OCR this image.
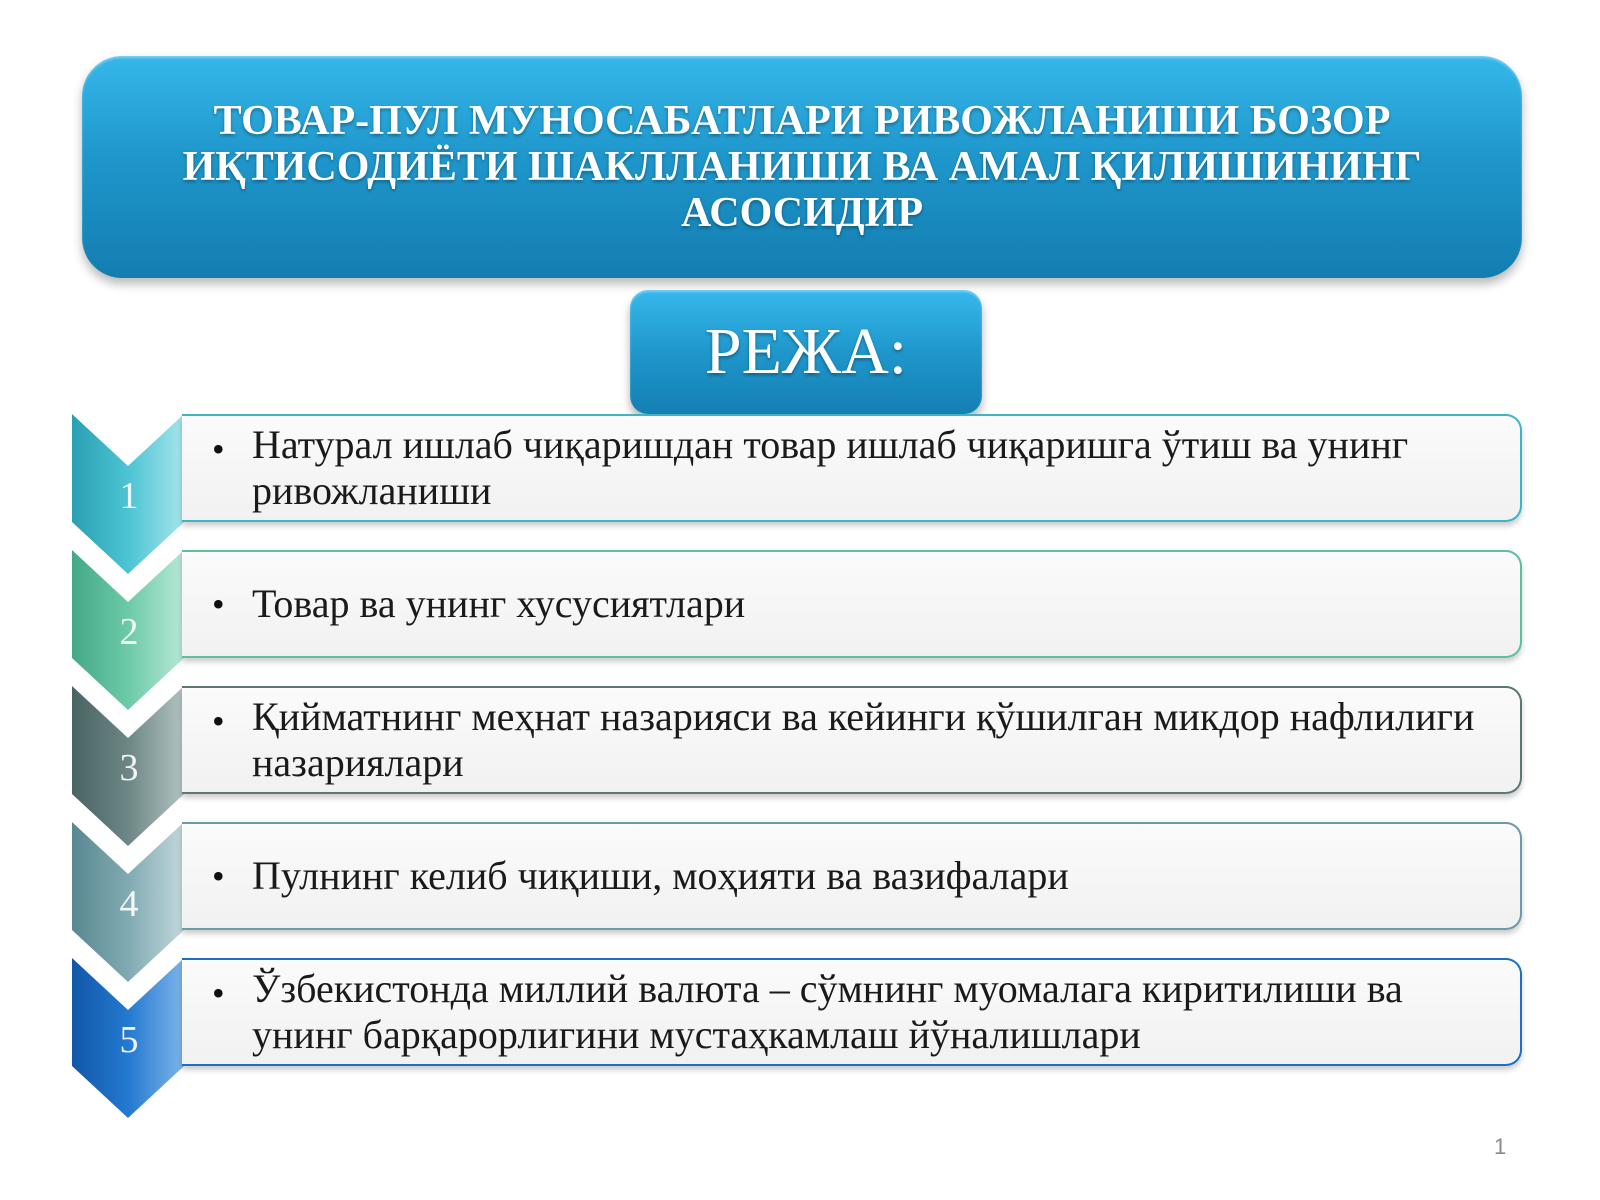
ТОВАР-ПУЛ МУНОСАБАТЛАРИ РИВОЖЛАНИШИ БОЗОР ИҚТИСОДИЁТИ ШАКЛЛАНИШИ ВА АМАЛ ҚИЛИШИНИНГ АСОСИДИР

РЕЖА:
1
• Натурал ишлаб чиқаришдан товар ишлаб чиқаришга ўтиш ва унинг ривожланиши

2
• Товар ва унинг хусусиятлари

3
• Қийматнинг меҳнат назарияси ва кейинги қўшилган микдор нафлилиги назариялари

4
• Пулнинг келиб чиқиши, моҳияти ва вазифалари

5
• Ўзбекистонда миллий валюта – сўмнинг муомалага киритилиши ва унинг барқарорлигини мустаҳкамлаш йўналишлари

1
